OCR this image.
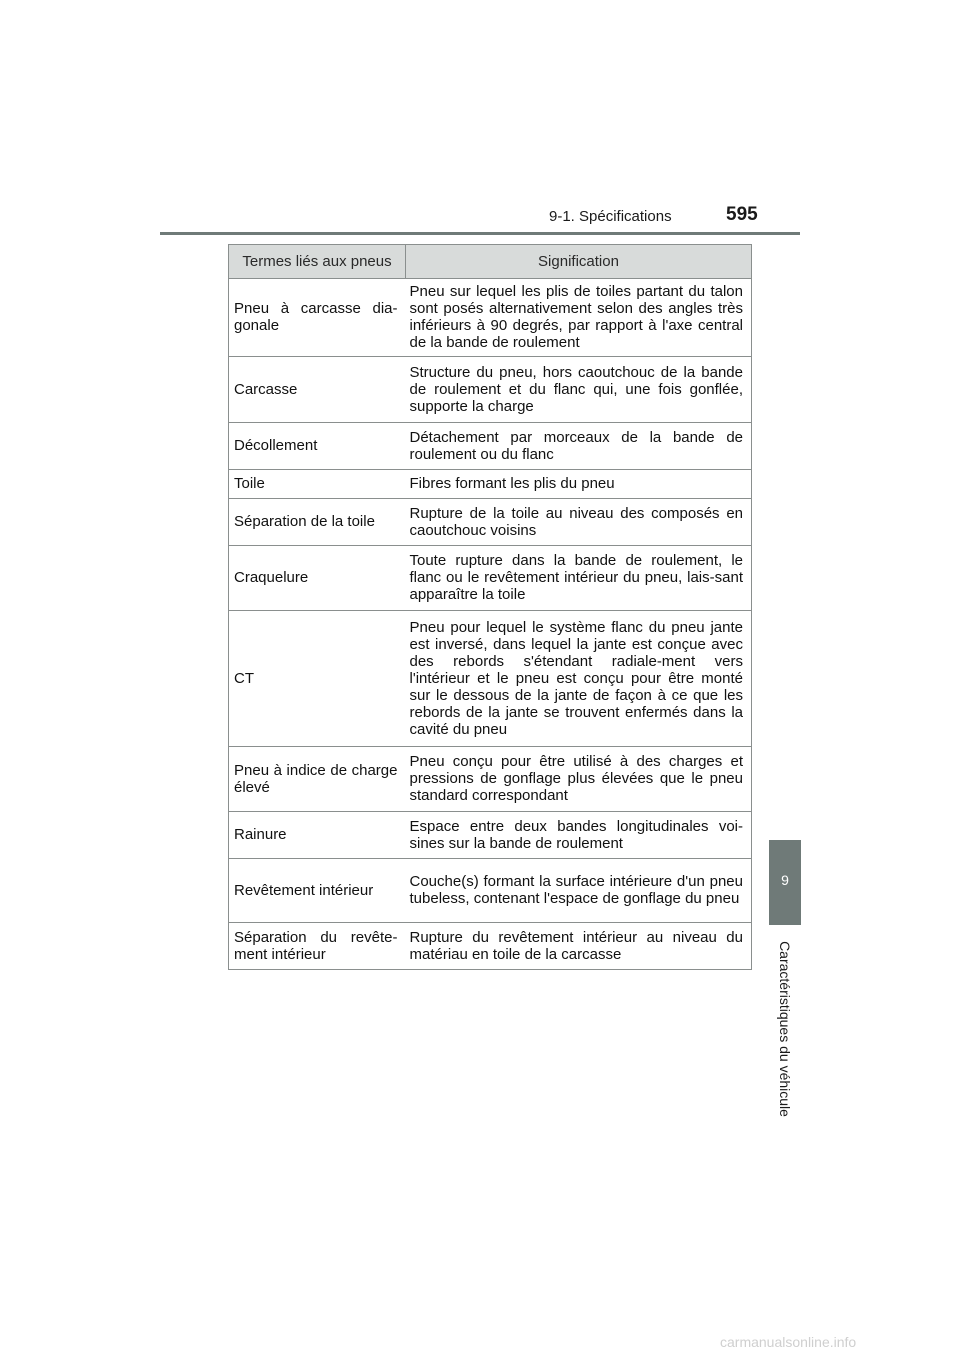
9-1. Spécifications	595
9
Caractéristiques du véhicule
Termes liés aux pneus	Signification
Pneu à carcasse dia-gonale	Pneu sur lequel les plis de toiles partant du talon sont posés alternativement selon des angles très inférieurs à 90 degrés, par rapport à l'axe central de la bande de roulement
Carcasse	Structure du pneu, hors caoutchouc de la bande de roulement et du flanc qui, une fois gonflée, supporte la charge
Décollement	Détachement par morceaux de la bande de roulement ou du flanc
Toile	Fibres formant les plis du pneu
Séparation de la toile	Rupture de la toile au niveau des composés en caoutchouc voisins
Craquelure	Toute rupture dans la bande de roulement, le flanc ou le revêtement intérieur du pneu, lais-sant apparaître la toile
CT	Pneu pour lequel le système flanc du pneu jante est inversé, dans lequel la jante est conçue avec des rebords s'étendant radiale-ment vers l'intérieur et le pneu est conçu pour être monté sur le dessous de la jante de façon à ce que les rebords de la jante se trouvent enfermés dans la cavité du pneu
Pneu à indice de charge élevé	Pneu conçu pour être utilisé à des charges et pressions de gonflage plus élevées que le pneu standard correspondant
Rainure	Espace entre deux bandes longitudinales voi-sines sur la bande de roulement
Revêtement intérieur	Couche(s) formant la surface intérieure d'un pneu tubeless, contenant l'espace de gonflage du pneu
Séparation du revête-ment intérieur	Rupture du revêtement intérieur au niveau du matériau en toile de la carcasse
carmanualsonline.info
